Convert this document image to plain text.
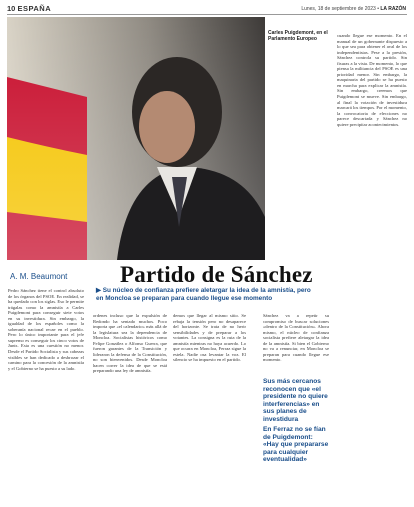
10 ESPAÑA	Lunes, 18 de septiembre de 2023 • LA RAZÓN
Carles Puigdemont, en el Parlamento Europeo
A. M. Beaumont Partido de Sánchez
▶ Su núcleo de confianza prefiere aletargar la idea de la amnistía, pero en Moncloa se preparan para cuando llegue ese momento

Pedro Sánchez tiene el control absoluto de los órganos del PSOE. En realidad, se ha quedado con los siglas. Eso le permite trágalas como la amnistía a Carles Puigdemont para conseguir siete votos en su investidura. Sin embargo, la igualdad de los españoles como la soberanía nacional recae en el pueblo. Pero lo único importante para el jefe supremo es conseguir los cinco votos de Junts. Esta es una cuestión no menor. Desde el Partido Socialista y sus cabezas visibles se han dedicado a desbrozar el camino para la concesión de la amnistía y el Gobierno se ha puesto a su lado.

ordenes incluso que la expulsión de Redondo ha sentado muchos. Poco importa que «el calendario» más allá de la legislatura sea la dependencia de Moncloa. Socialistas históricos como Felipe González o Alfonso Guerra, que fueron garantes de la Transición y lideraron la defensa de la Constitución, no son bienvenidos. Desde Moncloa hacen correr la idea de que se está preparando una ley de amnistía.

demos que llegar al mismo sitio. Se rebaja la tensión pero no desaparece del horizonte. Se trata de no herir sensibilidades y de preparar a los votantes. La consigna es la ruta de la amnistía mientras no haya acuerdo. Lo que ocurra en Moncloa, Ferraz sigue la estela. Nadie osa levantar la voz. El silencio se ha impuesto en el partido.

Sánchez va a repetir su compromiso de buscar soluciones «dentro de la Constitución». Ahora mismo, el núcleo de confianza socialista prefiere aletargar la idea de la amnistía. Si bien el Gobierno no va a renunciar, en Moncloa se preparan para cuando llegue ese momento.

cuando llegue ese momento. En el manual de un gobernante dispuesto a lo que sea para obtener el aval de los independentistas. Pese a la presión, Sánchez controla su partido. Sin fisuras a la vista. De momento, lo que piensa la militancia del PSOE es una prioridad menor. Sin embargo, la maquinaria del partido se ha puesto en marcha para explicar la amnistía. Sin embargo, creemos que Puigdemont se mueve. Sin embargo, al final la votación de investidura marcará los tiempos. Por el momento, la convocatoria de elecciones no parece descartada y Sánchez no quiere precipitar acontecimientos.

Sus más cercanos reconocen que «el presidente no quiere interferencias» en sus planes de investidura
En Ferraz no se fían de Puigdemont: «Hay que prepararse para cualquier eventualidad»
